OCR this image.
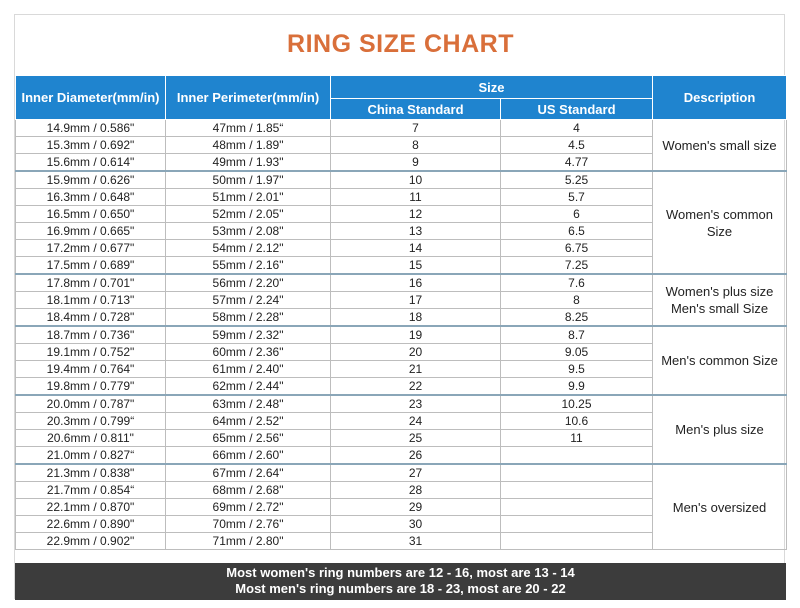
RING SIZE CHART
Inner Diameter(mm/in)	Inner Perimeter(mm/in)	Size		Description
		China Standard	US Standard	
14.9mm / 0.586"	47mm / 1.85“	7	4	Women's small size

15.3mm / 0.692"	48mm / 1.89"	8	4.5	
15.6mm / 0.614"	49mm / 1.93"	9	4.77	
15.9mm / 0.626"	50mm / 1.97"	10	5.25	Women's common
Size

16.3mm / 0.648"	51mm / 2.01"	11	5.7	
16.5mm / 0.650"	52mm / 2.05"	12	6	
16.9mm / 0.665"	53mm / 2.08"	13	6.5	
17.2mm / 0.677"	54mm / 2.12"	14	6.75	
17.5mm / 0.689"	55mm / 2.16"	15	7.25	
17.8mm / 0.701"	56mm / 2.20"	16	7.6	Women's plus size
Men's small Size

18.1mm / 0.713"	57mm / 2.24"	17	8	
18.4mm / 0.728"	58mm / 2.28"	18	8.25	
18.7mm / 0.736"	59mm / 2.32"	19	8.7	Men's common Size

19.1mm / 0.752"	60mm / 2.36"	20	9.05	
19.4mm / 0.764"	61mm / 2.40"	21	9.5	
19.8mm / 0.779"	62mm / 2.44"	22	9.9	
20.0mm / 0.787"	63mm / 2.48"	23	10.25	Men's plus size

20.3mm / 0.799“	64mm / 2.52"	24	10.6	
20.6mm / 0.811"	65mm / 2.56"	25	11	
21.0mm / 0.827“	66mm / 2.60"	26		
21.3mm / 0.838"	67mm / 2.64"	27		Men's oversized

21.7mm / 0.854“	68mm / 2.68"	28		
22.1mm / 0.870"	69mm / 2.72"	29		
22.6mm / 0.890"	70mm / 2.76"	30		
22.9mm / 0.902"	71mm / 2.80"	31		
Most women's ring numbers are 12 - 16, most are 13 - 14
Most men's ring numbers are 18 - 23, most are 20 - 22
